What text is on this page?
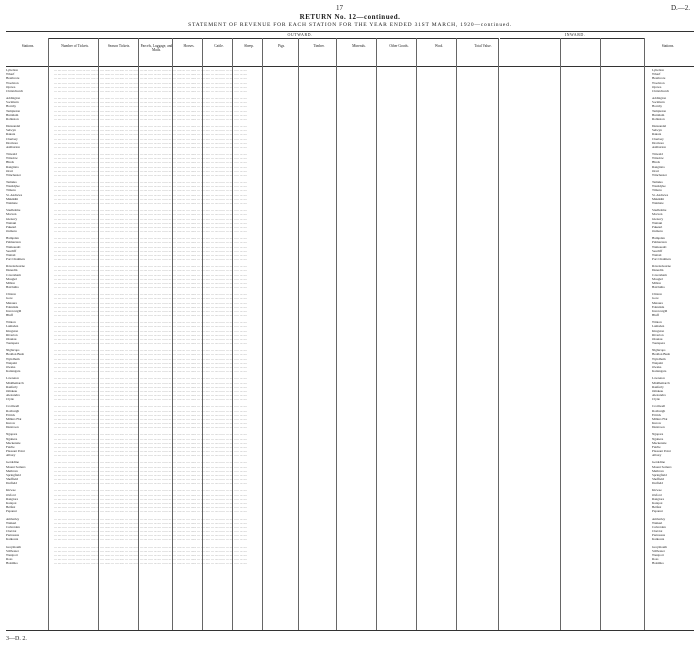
17	D.—2.
RETURN No. 12—continued.
STATEMENT OF REVENUE FOR EACH STATION FOR THE YEAR ENDED 31ST MARCH, 1920—continued.
OUTWARD.	INWARD.
Stations.	Number of Tickets.	Season Tickets.	Parcels, Luggage, and Mails.
Horses.	Cattle.	Sheep.	Pigs.	Timber.	Minerals.	Other Goods.	Wool.	Total Value.	Stations.
Lyttelton	... .... ..... ... .... ...... ... .... ..... ... .... ...... ... .... ..... ... .... ...... ... .... ..... ... .... ...... ... .... ..... ... .... ...... ... .... ..... ... .... ...... ... .... ..... ... ....	Lyttelton
Wharf	... .... ..... ... .... ...... ... .... ..... ... .... ...... ... .... ..... ... .... ...... ... .... ..... ... .... ...... ... .... ..... ... .... ...... ... .... ..... ... .... ...... ... .... ..... ... ....	Wharf
Heathcote	... .... ..... ... .... ...... ... .... ..... ... .... ...... ... .... ..... ... .... ...... ... .... ..... ... .... ...... ... .... ..... ... .... ...... ... .... ..... ... .... ...... ... .... ..... ... ....	Heathcote
Woolston	... .... ..... ... .... ...... ... .... ..... ... .... ...... ... .... ..... ... .... ...... ... .... ..... ... .... ...... ... .... ..... ... .... ...... ... .... ..... ... .... ...... ... .... ..... ... ....	Woolston
Opawa	... .... ..... ... .... ...... ... .... ..... ... .... ...... ... .... ..... ... .... ...... ... .... ..... ... .... ...... ... .... ..... ... .... ...... ... .... ..... ... .... ...... ... .... ..... ... ....	Opawa
Christchurch	... .... ..... ... .... ...... ... .... ..... ... .... ...... ... .... ..... ... .... ...... ... .... ..... ... .... ...... ... .... ..... ... .... ...... ... .... ..... ... .... ...... ... .... ..... ... ....	Christchurch
Addington	... .... ..... ... .... ...... ... .... ..... ... .... ...... ... .... ..... ... .... ...... ... .... ..... ... .... ...... ... .... ..... ... .... ...... ... .... ..... ... .... ...... ... .... ..... ... ....	Addington
Sockburn	... .... ..... ... .... ...... ... .... ..... ... .... ...... ... .... ..... ... .... ...... ... .... ..... ... .... ...... ... .... ..... ... .... ...... ... .... ..... ... .... ...... ... .... ..... ... ....	Sockburn
Hornby	... .... ..... ... .... ...... ... .... ..... ... .... ...... ... .... ..... ... .... ...... ... .... ..... ... .... ...... ... .... ..... ... .... ...... ... .... ..... ... .... ...... ... .... ..... ... ....	Hornby
Templeton	... .... ..... ... .... ...... ... .... ..... ... .... ...... ... .... ..... ... .... ...... ... .... ..... ... .... ...... ... .... ..... ... .... ...... ... .... ..... ... .... ...... ... .... ..... ... ....	Templeton
Burnham	... .... ..... ... .... ...... ... .... ..... ... .... ...... ... .... ..... ... .... ...... ... .... ..... ... .... ...... ... .... ..... ... .... ...... ... .... ..... ... .... ...... ... .... ..... ... ....	Burnham
Rolleston	... .... ..... ... .... ...... ... .... ..... ... .... ...... ... .... ..... ... .... ...... ... .... ..... ... .... ...... ... .... ..... ... .... ...... ... .... ..... ... .... ...... ... .... ..... ... ....	Rolleston
Dunsandel	... .... ..... ... .... ...... ... .... ..... ... .... ...... ... .... ..... ... .... ...... ... .... ..... ... .... ...... ... .... ..... ... .... ...... ... .... ..... ... .... ...... ... .... ..... ... ....	Dunsandel
Selwyn	... .... ..... ... .... ...... ... .... ..... ... .... ...... ... .... ..... ... .... ...... ... .... ..... ... .... ...... ... .... ..... ... .... ...... ... .... ..... ... .... ...... ... .... ..... ... ....	Selwyn
Rakaia	... .... ..... ... .... ...... ... .... ..... ... .... ...... ... .... ..... ... .... ...... ... .... ..... ... .... ...... ... .... ..... ... .... ...... ... .... ..... ... .... ...... ... .... ..... ... ....	Rakaia
Chertsey	... .... ..... ... .... ...... ... .... ..... ... .... ...... ... .... ..... ... .... ...... ... .... ..... ... .... ...... ... .... ..... ... .... ...... ... .... ..... ... .... ...... ... .... ..... ... ....	Chertsey
Dromore	... .... ..... ... .... ...... ... .... ..... ... .... ...... ... .... ..... ... .... ...... ... .... ..... ... .... ...... ... .... ..... ... .... ...... ... .... ..... ... .... ...... ... .... ..... ... ....	Dromore
Ashburton	... .... ..... ... .... ...... ... .... ..... ... .... ...... ... .... ..... ... .... ...... ... .... ..... ... .... ...... ... .... ..... ... .... ...... ... .... ..... ... .... ...... ... .... ..... ... ....	Ashburton
Tinwald	... .... ..... ... .... ...... ... .... ..... ... .... ...... ... .... ..... ... .... ...... ... .... ..... ... .... ...... ... .... ..... ... .... ...... ... .... ..... ... .... ...... ... .... ..... ... ....	Tinwald
Winslow	... .... ..... ... .... ...... ... .... ..... ... .... ...... ... .... ..... ... .... ...... ... .... ..... ... .... ...... ... .... ..... ... .... ...... ... .... ..... ... .... ...... ... .... ..... ... ....	Winslow
Hinds	... .... ..... ... .... ...... ... .... ..... ... .... ...... ... .... ..... ... .... ...... ... .... ..... ... .... ...... ... .... ..... ... .... ...... ... .... ..... ... .... ...... ... .... ..... ... ....	Hinds
Rangitata	... .... ..... ... .... ...... ... .... ..... ... .... ...... ... .... ..... ... .... ...... ... .... ..... ... .... ...... ... .... ..... ... .... ...... ... .... ..... ... .... ...... ... .... ..... ... ....	Rangitata
Orari	... .... ..... ... .... ...... ... .... ..... ... .... ...... ... .... ..... ... .... ...... ... .... ..... ... .... ...... ... .... ..... ... .... ...... ... .... ..... ... .... ...... ... .... ..... ... ....	Orari
Winchester	... .... ..... ... .... ...... ... .... ..... ... .... ...... ... .... ..... ... .... ...... ... .... ..... ... .... ...... ... .... ..... ... .... ...... ... .... ..... ... .... ...... ... .... ..... ... ....	Winchester
Temuka	... .... ..... ... .... ...... ... .... ..... ... .... ...... ... .... ..... ... .... ...... ... .... ..... ... .... ...... ... .... ..... ... .... ...... ... .... ..... ... .... ...... ... .... ..... ... ....	Temuka
Washdyke	... .... ..... ... .... ...... ... .... ..... ... .... ...... ... .... ..... ... .... ...... ... .... ..... ... .... ...... ... .... ..... ... .... ...... ... .... ..... ... .... ...... ... .... ..... ... ....	Washdyke
Timaru	... .... ..... ... .... ...... ... .... ..... ... .... ...... ... .... ..... ... .... ...... ... .... ..... ... .... ...... ... .... ..... ... .... ...... ... .... ..... ... .... ...... ... .... ..... ... ....	Timaru
St. Andrews	... .... ..... ... .... ...... ... .... ..... ... .... ...... ... .... ..... ... .... ...... ... .... ..... ... .... ...... ... .... ..... ... .... ...... ... .... ..... ... .... ...... ... .... ..... ... ....	St. Andrews
Makikihi	... .... ..... ... .... ...... ... .... ..... ... .... ...... ... .... ..... ... .... ...... ... .... ..... ... .... ...... ... .... ..... ... .... ...... ... .... ..... ... .... ...... ... .... ..... ... ....	Makikihi
Waimate	... .... ..... ... .... ...... ... .... ..... ... .... ...... ... .... ..... ... .... ...... ... .... ..... ... .... ...... ... .... ..... ... .... ...... ... .... ..... ... .... ...... ... .... ..... ... ....	Waimate
Studholme	... .... ..... ... .... ...... ... .... ..... ... .... ...... ... .... ..... ... .... ...... ... .... ..... ... .... ...... ... .... ..... ... .... ...... ... .... ..... ... .... ...... ... .... ..... ... ....	Studholme
Morven	... .... ..... ... .... ...... ... .... ..... ... .... ...... ... .... ..... ... .... ...... ... .... ..... ... .... ...... ... .... ..... ... .... ...... ... .... ..... ... .... ...... ... .... ..... ... ....	Morven
Glenavy	... .... ..... ... .... ...... ... .... ..... ... .... ...... ... .... ..... ... .... ...... ... .... ..... ... .... ...... ... .... ..... ... .... ...... ... .... ..... ... .... ...... ... .... ..... ... ....	Glenavy
Waitaki	... .... ..... ... .... ...... ... .... ..... ... .... ...... ... .... ..... ... .... ...... ... .... ..... ... .... ...... ... .... ..... ... .... ...... ... .... ..... ... .... ...... ... .... ..... ... ....	Waitaki
Pukeuri	... .... ..... ... .... ...... ... .... ..... ... .... ...... ... .... ..... ... .... ...... ... .... ..... ... .... ...... ... .... ..... ... .... ...... ... .... ..... ... .... ...... ... .... ..... ... ....	Pukeuri
Oamaru	... .... ..... ... .... ...... ... .... ..... ... .... ...... ... .... ..... ... .... ...... ... .... ..... ... .... ...... ... .... ..... ... .... ...... ... .... ..... ... .... ...... ... .... ..... ... ....	Oamaru
Hampden	... .... ..... ... .... ...... ... .... ..... ... .... ...... ... .... ..... ... .... ...... ... .... ..... ... .... ...... ... .... ..... ... .... ...... ... .... ..... ... .... ...... ... .... ..... ... ....	Hampden
Palmerston	... .... ..... ... .... ...... ... .... ..... ... .... ...... ... .... ..... ... .... ...... ... .... ..... ... .... ...... ... .... ..... ... .... ...... ... .... ..... ... .... ...... ... .... ..... ... ....	Palmerston
Waikouaiti	... .... ..... ... .... ...... ... .... ..... ... .... ...... ... .... ..... ... .... ...... ... .... ..... ... .... ...... ... .... ..... ... .... ...... ... .... ..... ... .... ...... ... .... ..... ... ....	Waikouaiti
Seacliff	... .... ..... ... .... ...... ... .... ..... ... .... ...... ... .... ..... ... .... ...... ... .... ..... ... .... ...... ... .... ..... ... .... ...... ... .... ..... ... .... ...... ... .... ..... ... ....	Seacliff
Waitati	... .... ..... ... .... ...... ... .... ..... ... .... ...... ... .... ..... ... .... ...... ... .... ..... ... .... ...... ... .... ..... ... .... ...... ... .... ..... ... .... ...... ... .... ..... ... ....	Waitati
Port Chalmers	... .... ..... ... .... ...... ... .... ..... ... .... ...... ... .... ..... ... .... ...... ... .... ..... ... .... ...... ... .... ..... ... .... ...... ... .... ..... ... .... ...... ... .... ..... ... ....	Port Chalmers
Ravensbourne	... .... ..... ... .... ...... ... .... ..... ... .... ...... ... .... ..... ... .... ...... ... .... ..... ... .... ...... ... .... ..... ... .... ...... ... .... ..... ... .... ...... ... .... ..... ... ....	Ravensbourne
Dunedin	... .... ..... ... .... ...... ... .... ..... ... .... ...... ... .... ..... ... .... ...... ... .... ..... ... .... ...... ... .... ..... ... .... ...... ... .... ..... ... .... ...... ... .... ..... ... ....	Dunedin
Caversham	... .... ..... ... .... ...... ... .... ..... ... .... ...... ... .... ..... ... .... ...... ... .... ..... ... .... ...... ... .... ..... ... .... ...... ... .... ..... ... .... ...... ... .... ..... ... ....	Caversham
Mosgiel	... .... ..... ... .... ...... ... .... ..... ... .... ...... ... .... ..... ... .... ...... ... .... ..... ... .... ...... ... .... ..... ... .... ...... ... .... ..... ... .... ...... ... .... ..... ... ....	Mosgiel
Milton	... .... ..... ... .... ...... ... .... ..... ... .... ...... ... .... ..... ... .... ...... ... .... ..... ... .... ...... ... .... ..... ... .... ...... ... .... ..... ... .... ...... ... .... ..... ... ....	Milton
Balclutha	... .... ..... ... .... ...... ... .... ..... ... .... ...... ... .... ..... ... .... ...... ... .... ..... ... .... ...... ... .... ..... ... .... ...... ... .... ..... ... .... ...... ... .... ..... ... ....	Balclutha
Clinton	... .... ..... ... .... ...... ... .... ..... ... .... ...... ... .... ..... ... .... ...... ... .... ..... ... .... ...... ... .... ..... ... .... ...... ... .... ..... ... .... ...... ... .... ..... ... ....	Clinton
Gore	... .... ..... ... .... ...... ... .... ..... ... .... ...... ... .... ..... ... .... ...... ... .... ..... ... .... ...... ... .... ..... ... .... ...... ... .... ..... ... .... ...... ... .... ..... ... ....	Gore
Mataura	... .... ..... ... .... ...... ... .... ..... ... .... ...... ... .... ..... ... .... ...... ... .... ..... ... .... ...... ... .... ..... ... .... ...... ... .... ..... ... .... ...... ... .... ..... ... ....	Mataura
Edendale	... .... ..... ... .... ...... ... .... ..... ... .... ...... ... .... ..... ... .... ...... ... .... ..... ... .... ...... ... .... ..... ... .... ...... ... .... ..... ... .... ...... ... .... ..... ... ....	Edendale
Invercargill	... .... ..... ... .... ...... ... .... ..... ... .... ...... ... .... ..... ... .... ...... ... .... ..... ... .... ...... ... .... ..... ... .... ...... ... .... ..... ... .... ...... ... .... ..... ... ....	Invercargill
Bluff	... .... ..... ... .... ...... ... .... ..... ... .... ...... ... .... ..... ... .... ...... ... .... ..... ... .... ...... ... .... ..... ... .... ...... ... .... ..... ... .... ...... ... .... ..... ... ....	Bluff
Winton	... .... ..... ... .... ...... ... .... ..... ... .... ...... ... .... ..... ... .... ...... ... .... ..... ... .... ...... ... .... ..... ... .... ...... ... .... ..... ... .... ...... ... .... ..... ... ....	Winton
Lumsden	... .... ..... ... .... ...... ... .... ..... ... .... ...... ... .... ..... ... .... ...... ... .... ..... ... .... ...... ... .... ..... ... .... ...... ... .... ..... ... .... ...... ... .... ..... ... ....	Lumsden
Kingston	... .... ..... ... .... ...... ... .... ..... ... .... ...... ... .... ..... ... .... ...... ... .... ..... ... .... ...... ... .... ..... ... .... ...... ... .... ..... ... .... ...... ... .... ..... ... ....	Kingston
Riverton	... .... ..... ... .... ...... ... .... ..... ... .... ...... ... .... ..... ... .... ...... ... .... ..... ... .... ...... ... .... ..... ... .... ...... ... .... ..... ... .... ...... ... .... ..... ... ....	Riverton
Otautau	... .... ..... ... .... ...... ... .... ..... ... .... ...... ... .... ..... ... .... ...... ... .... ..... ... .... ...... ... .... ..... ... .... ...... ... .... ..... ... .... ...... ... .... ..... ... ....	Otautau
Tuatapere	... .... ..... ... .... ...... ... .... ..... ... .... ...... ... .... ..... ... .... ...... ... .... ..... ... .... ...... ... .... ..... ... .... ...... ... .... ..... ... .... ...... ... .... ..... ... ....	Tuatapere
Nightcaps	... .... ..... ... .... ...... ... .... ..... ... .... ...... ... .... ..... ... .... ...... ... .... ..... ... .... ...... ... .... ..... ... .... ...... ... .... ..... ... .... ...... ... .... ..... ... ....	Nightcaps
Heddon Bush	... .... ..... ... .... ...... ... .... ..... ... .... ...... ... .... ..... ... .... ...... ... .... ..... ... .... ...... ... .... ..... ... .... ...... ... .... ..... ... .... ...... ... .... ..... ... ....	Heddon Bush
Wyndham	... .... ..... ... .... ...... ... .... ..... ... .... ...... ... .... ..... ... .... ...... ... .... ..... ... .... ...... ... .... ..... ... .... ...... ... .... ..... ... .... ...... ... .... ..... ... ....	Wyndham
Waipahi	... .... ..... ... .... ...... ... .... ..... ... .... ...... ... .... ..... ... .... ...... ... .... ..... ... .... ...... ... .... ..... ... .... ...... ... .... ..... ... .... ...... ... .... ..... ... ....	Waipahi
Owaka	... .... ..... ... .... ...... ... .... ..... ... .... ...... ... .... ..... ... .... ...... ... .... ..... ... .... ...... ... .... ..... ... .... ...... ... .... ..... ... .... ...... ... .... ..... ... ....	Owaka
Kaitangata	... .... ..... ... .... ...... ... .... ..... ... .... ...... ... .... ..... ... .... ...... ... .... ..... ... .... ...... ... .... ..... ... .... ...... ... .... ..... ... .... ...... ... .... ..... ... ....	Kaitangata
Lawrence	... .... ..... ... .... ...... ... .... ..... ... .... ...... ... .... ..... ... .... ...... ... .... ..... ... .... ...... ... .... ..... ... .... ...... ... .... ..... ... .... ...... ... .... ..... ... ....	Lawrence
Middlemarch	... .... ..... ... .... ...... ... .... ..... ... .... ...... ... .... ..... ... .... ...... ... .... ..... ... .... ...... ... .... ..... ... .... ...... ... .... ..... ... .... ...... ... .... ..... ... ....	Middlemarch
Ranfurly	... .... ..... ... .... ...... ... .... ..... ... .... ...... ... .... ..... ... .... ...... ... .... ..... ... .... ...... ... .... ..... ... .... ...... ... .... ..... ... .... ...... ... .... ..... ... ....	Ranfurly
Omakau	... .... ..... ... .... ...... ... .... ..... ... .... ...... ... .... ..... ... .... ...... ... .... ..... ... .... ...... ... .... ..... ... .... ...... ... .... ..... ... .... ...... ... .... ..... ... ....	Omakau
Alexandra	... .... ..... ... .... ...... ... .... ..... ... .... ...... ... .... ..... ... .... ...... ... .... ..... ... .... ...... ... .... ..... ... .... ...... ... .... ..... ... .... ...... ... .... ..... ... ....	Alexandra
Clyde	... .... ..... ... .... ...... ... .... ..... ... .... ...... ... .... ..... ... .... ...... ... .... ..... ... .... ...... ... .... ..... ... .... ...... ... .... ..... ... .... ...... ... .... ..... ... ....	Clyde
Cromwell	... .... ..... ... .... ...... ... .... ..... ... .... ...... ... .... ..... ... .... ...... ... .... ..... ... .... ...... ... .... ..... ... .... ...... ... .... ..... ... .... ...... ... .... ..... ... ....	Cromwell
Roxburgh	... .... ..... ... .... ...... ... .... ..... ... .... ...... ... .... ..... ... .... ...... ... .... ..... ... .... ...... ... .... ..... ... .... ...... ... .... ..... ... .... ...... ... .... ..... ... ....	Roxburgh
Ettrick	... .... ..... ... .... ...... ... .... ..... ... .... ...... ... .... ..... ... .... ...... ... .... ..... ... .... ...... ... .... ..... ... .... ...... ... .... ..... ... .... ...... ... .... ..... ... ....	Ettrick
Millers Flat	... .... ..... ... .... ...... ... .... ..... ... .... ...... ... .... ..... ... .... ...... ... .... ..... ... .... ...... ... .... ..... ... .... ...... ... .... ..... ... .... ...... ... .... ..... ... ....	Millers Flat
Kurow	... .... ..... ... .... ...... ... .... ..... ... .... ...... ... .... ..... ... .... ...... ... .... ..... ... .... ...... ... .... ..... ... .... ...... ... .... ..... ... .... ...... ... .... ..... ... ....	Kurow
Duntroon	... .... ..... ... .... ...... ... .... ..... ... .... ...... ... .... ..... ... .... ...... ... .... ..... ... .... ...... ... .... ..... ... .... ...... ... .... ..... ... .... ...... ... .... ..... ... ....	Duntroon
Ngapara	... .... ..... ... .... ...... ... .... ..... ... .... ...... ... .... ..... ... .... ...... ... .... ..... ... .... ...... ... .... ..... ... .... ...... ... .... ..... ... .... ...... ... .... ..... ... ....	Ngapara
Ngahere	... .... ..... ... .... ...... ... .... ..... ... .... ...... ... .... ..... ... .... ...... ... .... ..... ... .... ...... ... .... ..... ... .... ...... ... .... ..... ... .... ...... ... .... ..... ... ....	Ngahere
Mackenzie	... .... ..... ... .... ...... ... .... ..... ... .... ...... ... .... ..... ... .... ...... ... .... ..... ... .... ...... ... .... ..... ... .... ...... ... .... ..... ... .... ...... ... .... ..... ... ....	Mackenzie
Fairlie	... .... ..... ... .... ...... ... .... ..... ... .... ...... ... .... ..... ... .... ...... ... .... ..... ... .... ...... ... .... ..... ... .... ...... ... .... ..... ... .... ...... ... .... ..... ... ....	Fairlie
Pleasant Point	... .... ..... ... .... ...... ... .... ..... ... .... ...... ... .... ..... ... .... ...... ... .... ..... ... .... ...... ... .... ..... ... .... ...... ... .... ..... ... .... ...... ... .... ..... ... ....	Pleasant Point
Albury	... .... ..... ... .... ...... ... .... ..... ... .... ...... ... .... ..... ... .... ...... ... .... ..... ... .... ...... ... .... ..... ... .... ...... ... .... ..... ... .... ...... ... .... ..... ... ....	Albury
Geraldine	... .... ..... ... .... ...... ... .... ..... ... .... ...... ... .... ..... ... .... ...... ... .... ..... ... .... ...... ... .... ..... ... .... ...... ... .... ..... ... .... ...... ... .... ..... ... ....	Geraldine
Mount Somers	... .... ..... ... .... ...... ... .... ..... ... .... ...... ... .... ..... ... .... ...... ... .... ..... ... .... ...... ... .... ..... ... .... ...... ... .... ..... ... .... ...... ... .... ..... ... ....	Mount Somers
Methven	... .... ..... ... .... ...... ... .... ..... ... .... ...... ... .... ..... ... .... ...... ... .... ..... ... .... ...... ... .... ..... ... .... ...... ... .... ..... ... .... ...... ... .... ..... ... ....	Methven
Springfield	... .... ..... ... .... ...... ... .... ..... ... .... ...... ... .... ..... ... .... ...... ... .... ..... ... .... ...... ... .... ..... ... .... ...... ... .... ..... ... .... ...... ... .... ..... ... ....	Springfield
Sheffield	... .... ..... ... .... ...... ... .... ..... ... .... ...... ... .... ..... ... .... ...... ... .... ..... ... .... ...... ... .... ..... ... .... ...... ... .... ..... ... .... ...... ... .... ..... ... ....	Sheffield
Darfield	... .... ..... ... .... ...... ... .... ..... ... .... ...... ... .... ..... ... .... ...... ... .... ..... ... .... ...... ... .... ..... ... .... ...... ... .... ..... ... .... ...... ... .... ..... ... ....	Darfield
Kirwee	... .... ..... ... .... ...... ... .... ..... ... .... ...... ... .... ..... ... .... ...... ... .... ..... ... .... ...... ... .... ..... ... .... ...... ... .... ..... ... .... ...... ... .... ..... ... ....	Kirwee
Oxford	... .... ..... ... .... ...... ... .... ..... ... .... ...... ... .... ..... ... .... ...... ... .... ..... ... .... ...... ... .... ..... ... .... ...... ... .... ..... ... .... ...... ... .... ..... ... ....	Oxford
Rangiora	... .... ..... ... .... ...... ... .... ..... ... .... ...... ... .... ..... ... .... ...... ... .... ..... ... .... ...... ... .... ..... ... .... ...... ... .... ..... ... .... ...... ... .... ..... ... ....	Rangiora
Kaiapoi	... .... ..... ... .... ...... ... .... ..... ... .... ...... ... .... ..... ... .... ...... ... .... ..... ... .... ...... ... .... ..... ... .... ...... ... .... ..... ... .... ...... ... .... ..... ... ....	Kaiapoi
Belfast	... .... ..... ... .... ...... ... .... ..... ... .... ...... ... .... ..... ... .... ...... ... .... ..... ... .... ...... ... .... ..... ... .... ...... ... .... ..... ... .... ...... ... .... ..... ... ....	Belfast
Papanui	... .... ..... ... .... ...... ... .... ..... ... .... ...... ... .... ..... ... .... ...... ... .... ..... ... .... ...... ... .... ..... ... .... ...... ... .... ..... ... .... ...... ... .... ..... ... ....	Papanui
Amberley	... .... ..... ... .... ...... ... .... ..... ... .... ...... ... .... ..... ... .... ...... ... .... ..... ... .... ...... ... .... ..... ... .... ...... ... .... ..... ... .... ...... ... .... ..... ... ....	Amberley
Waikari	... .... ..... ... .... ...... ... .... ..... ... .... ...... ... .... ..... ... .... ...... ... .... ..... ... .... ...... ... .... ..... ... .... ...... ... .... ..... ... .... ...... ... .... ..... ... ....	Waikari
Culverden	... .... ..... ... .... ...... ... .... ..... ... .... ...... ... .... ..... ... .... ...... ... .... ..... ... .... ...... ... .... ..... ... .... ...... ... .... ..... ... .... ...... ... .... ..... ... ....	Culverden
Cheviot	... .... ..... ... .... ...... ... .... ..... ... .... ...... ... .... ..... ... .... ...... ... .... ..... ... .... ...... ... .... ..... ... .... ...... ... .... ..... ... .... ...... ... .... ..... ... ....	Cheviot
Parnassus	... .... ..... ... .... ...... ... .... ..... ... .... ...... ... .... ..... ... .... ...... ... .... ..... ... .... ...... ... .... ..... ... .... ...... ... .... ..... ... .... ...... ... .... ..... ... ....	Parnassus
Kaikoura	... .... ..... ... .... ...... ... .... ..... ... .... ...... ... .... ..... ... .... ...... ... .... ..... ... .... ...... ... .... ..... ... .... ...... ... .... ..... ... .... ...... ... .... ..... ... ....	Kaikoura
Greymouth	... .... ..... ... .... ...... ... .... ..... ... .... ...... ... .... ..... ... .... ...... ... .... ..... ... .... ...... ... .... ..... ... .... ...... ... .... ..... ... .... ...... ... .... ..... ... ....	Greymouth
Stillwater	... .... ..... ... .... ...... ... .... ..... ... .... ...... ... .... ..... ... .... ...... ... .... ..... ... .... ...... ... .... ..... ... .... ...... ... .... ..... ... .... ...... ... .... ..... ... ....	Stillwater
Westport	... .... ..... ... .... ...... ... .... ..... ... .... ...... ... .... ..... ... .... ...... ... .... ..... ... .... ...... ... .... ..... ... .... ...... ... .... ..... ... .... ...... ... .... ..... ... ....	Westport
Ross	... .... ..... ... .... ...... ... .... ..... ... .... ...... ... .... ..... ... .... ...... ... .... ..... ... .... ...... ... .... ..... ... .... ...... ... .... ..... ... .... ...... ... .... ..... ... ....	Ross
Hokitika	... .... ..... ... .... ...... ... .... ..... ... .... ...... ... .... ..... ... .... ...... ... .... ..... ... .... ...... ... .... ..... ... .... ...... ... .... ..... ... .... ...... ... .... ..... ... ....	Hokitika
3—D. 2.
